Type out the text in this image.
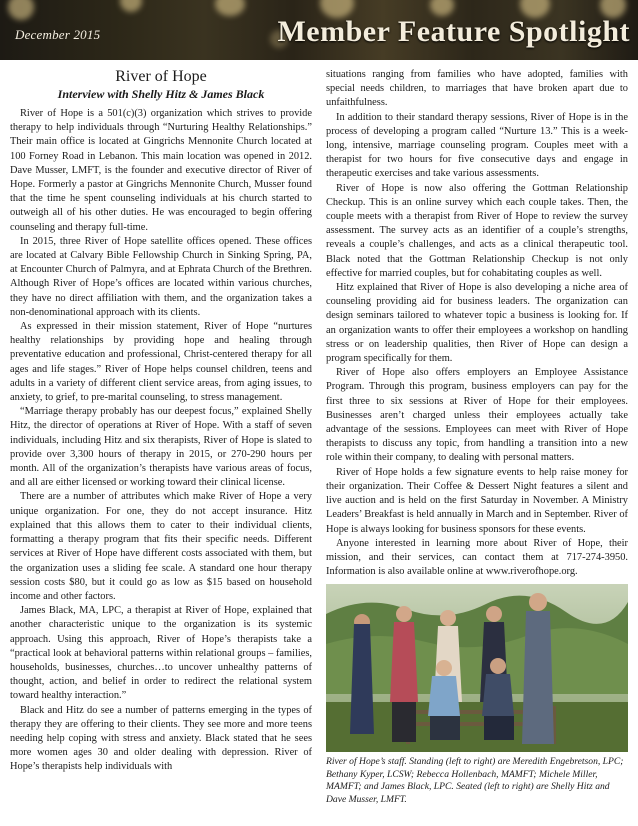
December 2015	Member Feature Spotlight
River of Hope
Interview with Shelly Hitz & James Black

River of Hope is a 501(c)(3) organization which strives to provide therapy to help individuals through “Nurturing Healthy Relationships.” Their main office is located at Gingrichs Mennonite Church located at 100 Forney Road in Lebanon. This main location was opened in 2012. Dave Musser, LMFT, is the founder and executive director of River of Hope. Formerly a pastor at Gingrichs Mennonite Church, Musser found that the time he spent counseling individuals at his church started to outweigh all of his other duties. He was encouraged to begin offering counseling and therapy full-time.

In 2015, three River of Hope satellite offices opened. These offices are located at Calvary Bible Fellowship Church in Sinking Spring, PA, at Encounter Church of Palmyra, and at Ephrata Church of the Brethren. Although River of Hope’s offices are located within various churches, they have no direct affiliation with them, and the organization takes a non-denominational approach with its clients.

As expressed in their mission statement, River of Hope “nurtures healthy relationships by providing hope and healing through preventative education and professional, Christ-centered therapy for all ages and life stages.” River of Hope helps counsel children, teens and adults in a variety of different client service areas, from aging issues, to anxiety, to grief, to pre-marital counseling, to stress management.

“Marriage therapy probably has our deepest focus,” explained Shelly Hitz, the director of operations at River of Hope. With a staff of seven individuals, including Hitz and six therapists, River of Hope is slated to provide over 3,300 hours of therapy in 2015, or 270-290 hours per month. All of the organization’s therapists have various areas of focus, and all are either licensed or working toward their clinical license.

There are a number of attributes which make River of Hope a very unique organization. For one, they do not accept insurance. Hitz explained that this allows them to cater to their individual clients, formatting a therapy program that fits their specific needs. Different services at River of Hope have different costs associated with them, but the organization uses a sliding fee scale. A standard one hour therapy session costs $80, but it could go as low as $15 based on household income and other factors.

James Black, MA, LPC, a therapist at River of Hope, explained that another characteristic unique to the organization is its systemic approach. Using this approach, River of Hope’s therapists take a “practical look at behavioral patterns within relational groups – families, households, businesses, churches…to uncover unhealthy patterns of thought, action, and belief in order to redirect the relational system toward healthy interaction.”

Black and Hitz do see a number of patterns emerging in the types of therapy they are offering to their clients. They see more and more teens needing help coping with stress and anxiety. Black stated that he sees more women ages 30 and older dealing with depression. River of Hope’s therapists help individuals with

situations ranging from families who have adopted, families with special needs children, to marriages that have broken apart due to unfaithfulness.

In addition to their standard therapy sessions, River of Hope is in the process of developing a program called “Nurture 13.” This is a week-long, intensive, marriage counseling program. Couples meet with a therapist for two hours for five consecutive days and engage in therapeutic exercises and take various assessments.

River of Hope is now also offering the Gottman Relationship Checkup. This is an online survey which each couple takes. Then, the couple meets with a therapist from River of Hope to review the survey assessment. The survey acts as an identifier of a couple’s strengths, reveals a couple’s challenges, and acts as a clinical therapeutic tool. Black noted that the Gottman Relationship Checkup is not only effective for married couples, but for cohabitating couples as well.

Hitz explained that River of Hope is also developing a niche area of counseling providing aid for business leaders. The organization can design seminars tailored to whatever topic a business is looking for. If an organization wants to offer their employees a workshop on handling stress or on leadership qualities, then River of Hope can design a program specifically for them.

River of Hope also offers employers an Employee Assistance Program. Through this program, business employers can pay for the first three to six sessions at River of Hope for their employees. Businesses aren’t charged unless their employees actually take advantage of the sessions. Employees can meet with River of Hope therapists to discuss any topic, from handling a transition into a new role within their company, to dealing with personal matters.

River of Hope holds a few signature events to help raise money for their organization. Their Coffee & Dessert Night features a silent and live auction and is held on the first Saturday in November. A Ministry Leaders’ Breakfast is held annually in March and in September. River of Hope is always looking for business sponsors for these events.

Anyone interested in learning more about River of Hope, their mission, and their services, can contact them at 717-274-3950. Information is also available online at www.riverofhope.org.

River of Hope’s staff. Standing (left to right) are Meredith Engebretson, LPC; Bethany Kyper, LCSW; Rebecca Hollenbach, MAMFT; Michele Miller, MAMFT; and James Black, LPC. Seated (left to right) are Shelly Hitz and Dave Musser, LMFT.
